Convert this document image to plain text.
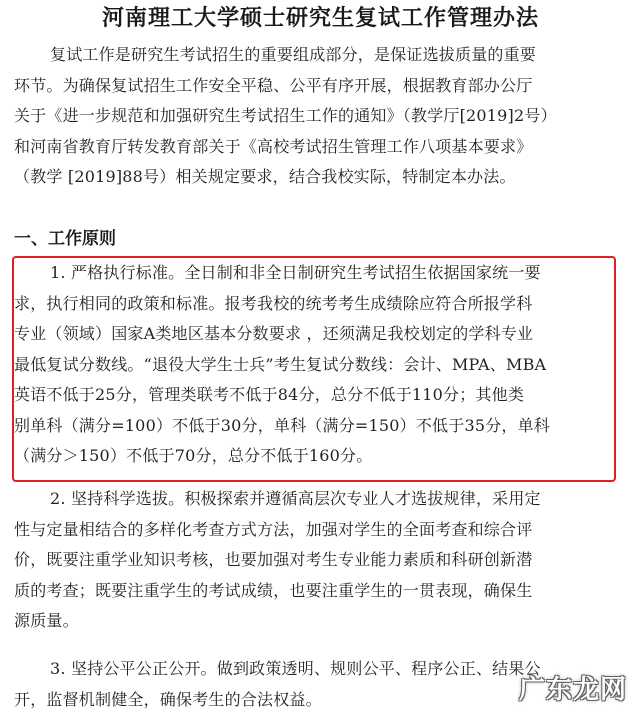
河南理工大学硕士研究生复试工作管理办法
复试工作是研究生考试招生的重要组成部分，是保证选拔质量的重要
环节。为确保复试招生工作安全平稳、公平有序开展，根据教育部办公厅
关于《进一步规范和加强研究生考试招生工作的通知》（教学厅[2019]2号）
和河南省教育厅转发教育部关于《高校考试招生管理工作八项基本要求》
（教学 [2019]88号）相关规定要求，结合我校实际，特制定本办法。
一、工作原则
1. 严格执行标准。全日制和非全日制研究生考试招生依据国家统一要
求，执行相同的政策和标准。报考我校的统考考生成绩除应符合所报学科
专业（领域）国家A类地区基本分数要求 ，还须满足我校划定的学科专业
最低复试分数线。“退役大学生士兵”考生复试分数线：会计、MPA、MBA
英语不低于25分，管理类联考不低于84分，总分不低于110分；其他类
别单科（满分=100）不低于30分，单科（满分=150）不低于35分，单科
（满分＞150）不低于70分，总分不低于160分。
2. 坚持科学选拔。积极探索并遵循高层次专业人才选拔规律，采用定
性与定量相结合的多样化考查方式方法，加强对学生的全面考查和综合评
价，既要注重学业知识考核，也要加强对考生专业能力素质和科研创新潜
质的考查；既要注重学生的考试成绩，也要注重学生的一贯表现，确保生
源质量。
3. 坚持公平公正公开。做到政策透明、规则公平、程序公正、结果公
开，监督机制健全，确保考生的合法权益。	广东龙网
